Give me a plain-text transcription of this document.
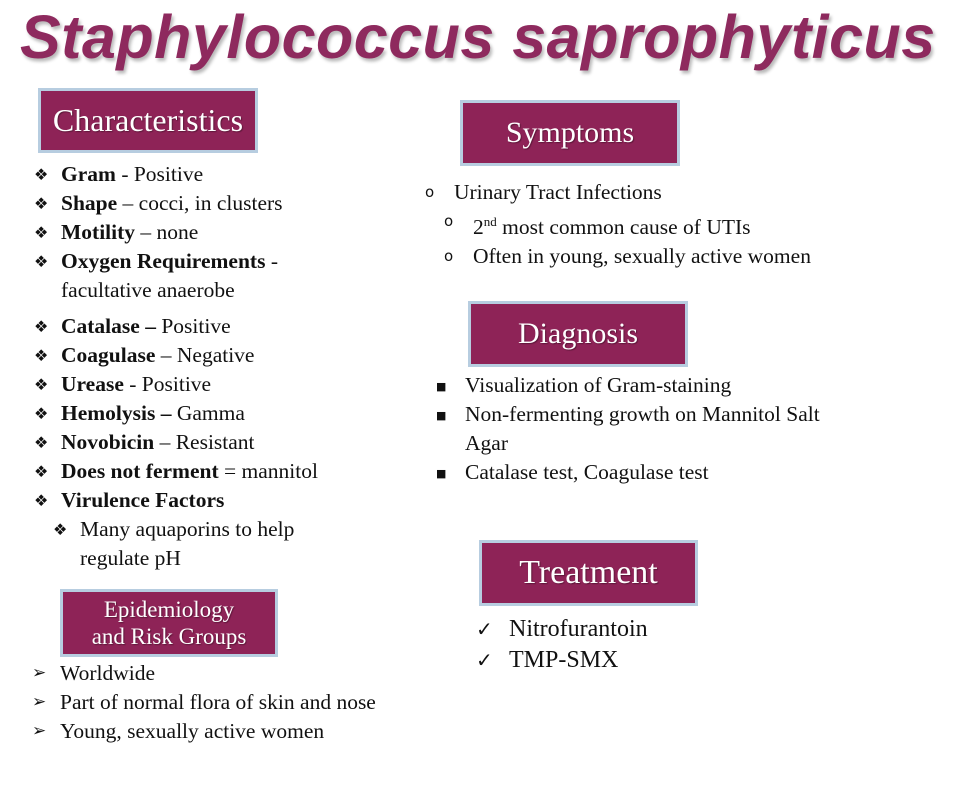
Staphylococcus saprophyticus
Characteristics
❖ Gram - Positive
❖ Shape – cocci, in clusters
❖ Motility – none
❖ Oxygen Requirements -
facultative anaerobe
❖ Catalase – Positive
❖ Coagulase – Negative
❖ Urease - Positive
❖ Hemolysis – Gamma
❖ Novobicin – Resistant
❖ Does not ferment = mannitol
❖ Virulence Factors
❖ Many aquaporins to help
regulate pH
Symptoms
o Urinary Tract Infections
o 2nd most common cause of UTIs
o Often in young, sexually active women
Diagnosis
■ Visualization of Gram-staining
■ Non-fermenting growth on Mannitol Salt
Agar
■ Catalase test, Coagulase test
Treatment
✓ Nitrofurantoin
✓ TMP-SMX
Epidemiology
and Risk Groups
➢ Worldwide
➢ Part of normal flora of skin and nose
➢ Young, sexually active women
